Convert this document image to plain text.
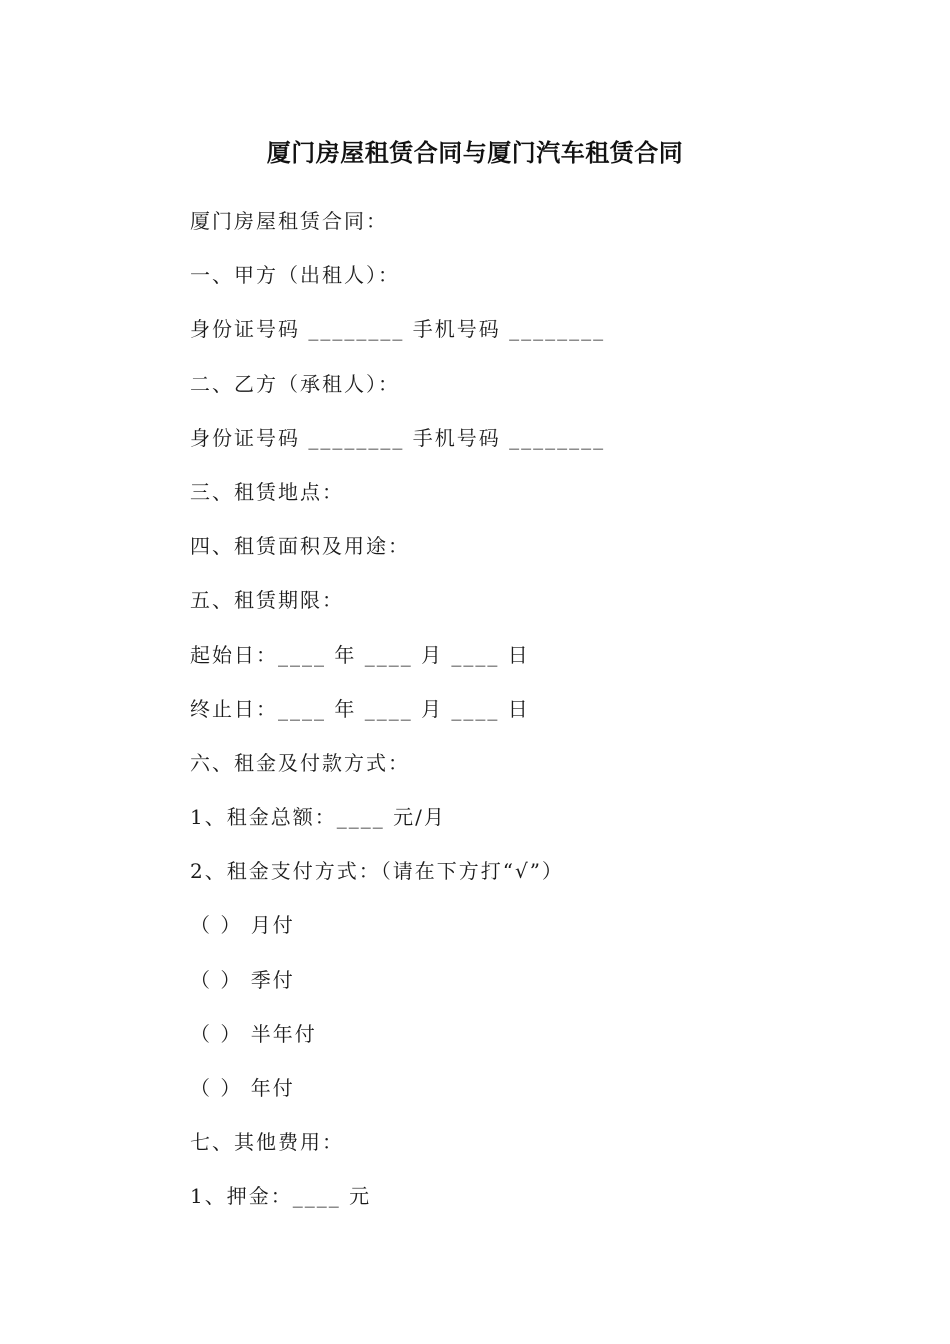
厦门房屋租赁合同与厦门汽车租赁合同
厦门房屋租赁合同：
一、甲方（出租人）：
身份证号码 ________ 手机号码 ________
二、乙方（承租人）：
身份证号码 ________ 手机号码 ________
三、租赁地点：
四、租赁面积及用途：
五、租赁期限：
起始日：____ 年 ____ 月 ____ 日
终止日：____ 年 ____ 月 ____ 日
六、租金及付款方式：
1、租金总额：____ 元/月
2、租金支付方式：（请在下方打“√”）
（ ） 月付
（ ） 季付
（ ） 半年付
（ ） 年付
七、其他费用：
1、押金：____ 元
